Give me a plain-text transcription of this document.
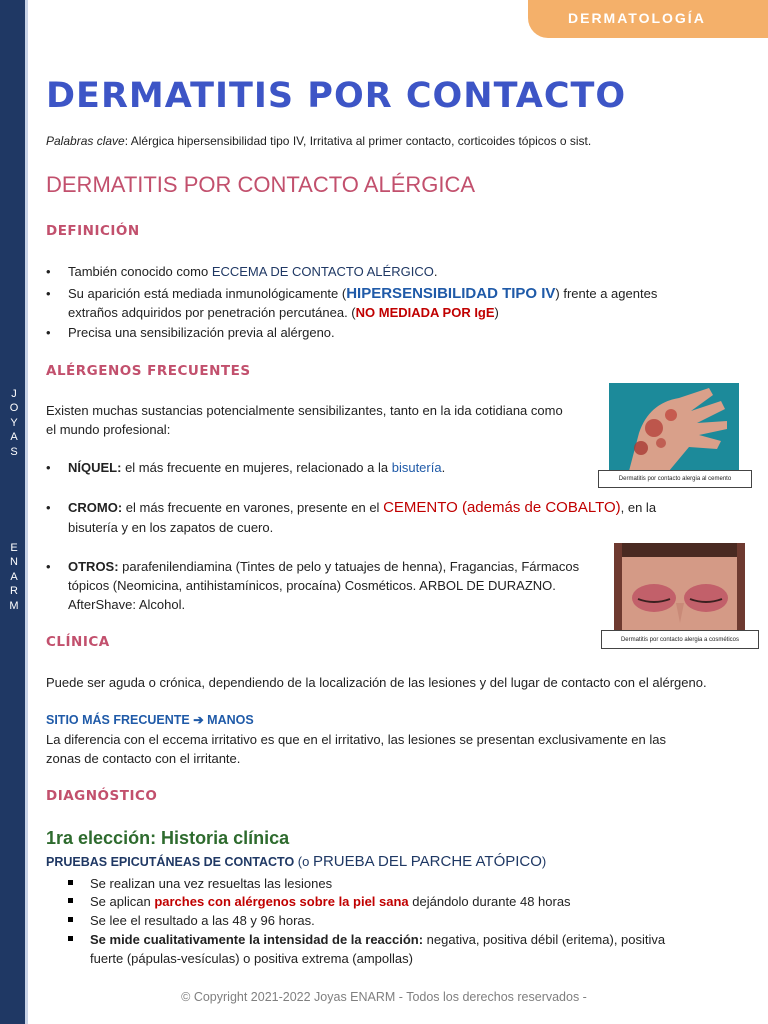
J
O
Y
A
S
E
N
A
R
M
DERMATOLOGÍA
DERMATITIS POR CONTACTO
Palabras clave: Alérgica hipersensibilidad tipo IV, Irritativa al primer contacto, corticoides tópicos o sist.
DERMATITIS POR CONTACTO ALÉRGICA
DEFINICIÓN
• También conocido como ECCEMA DE CONTACTO ALÉRGICO.
• Su aparición está mediada inmunológicamente (HIPERSENSIBILIDAD TIPO IV) frente a agentes
extraños adquiridos por penetración percutánea. (NO MEDIADA POR IgE)
• Precisa una sensibilización previa al alérgeno.
ALÉRGENOS FRECUENTES
Existen muchas sustancias potencialmente sensibilizantes, tanto en la ida cotidiana como
el mundo profesional:
• NÍQUEL: el más frecuente en mujeres, relacionado a la bisutería.
• CROMO: el más frecuente en varones, presente en el CEMENTO (además de COBALTO), en la
bisutería y en los zapatos de cuero.
• OTROS: parafenilendiamina (Tintes de pelo y tatuajes de henna), Fragancias, Fármacos
tópicos (Neomicina, antihistamínicos, procaína) Cosméticos. ARBOL DE DURAZNO.
AfterShave: Alcohol.
Dermatitis por contacto alergia al cemento
Dermatitis por contacto alergia a cosméticos
CLÍNICA
Puede ser aguda o crónica, dependiendo de la localización de las lesiones y del lugar de contacto con el alérgeno.
SITIO MÁS FRECUENTE ➔ MANOS
La diferencia con el eccema irritativo es que en el irritativo, las lesiones se presentan exclusivamente en las
zonas de contacto con el irritante.
DIAGNÓSTICO
1ra elección: Historia clínica
PRUEBAS EPICUTÁNEAS DE CONTACTO (o PRUEBA DEL PARCHE ATÓPICO)
Se realizan una vez resueltas las lesiones
Se aplican parches con alérgenos sobre la piel sana dejándolo durante 48 horas
Se lee el resultado a las 48 y 96 horas.
Se mide cualitativamente la intensidad de la reacción: negativa, positiva débil (eritema), positiva
fuerte (pápulas-vesículas) o positiva extrema (ampollas)
© Copyright 2021-2022 Joyas ENARM - Todos los derechos reservados -
